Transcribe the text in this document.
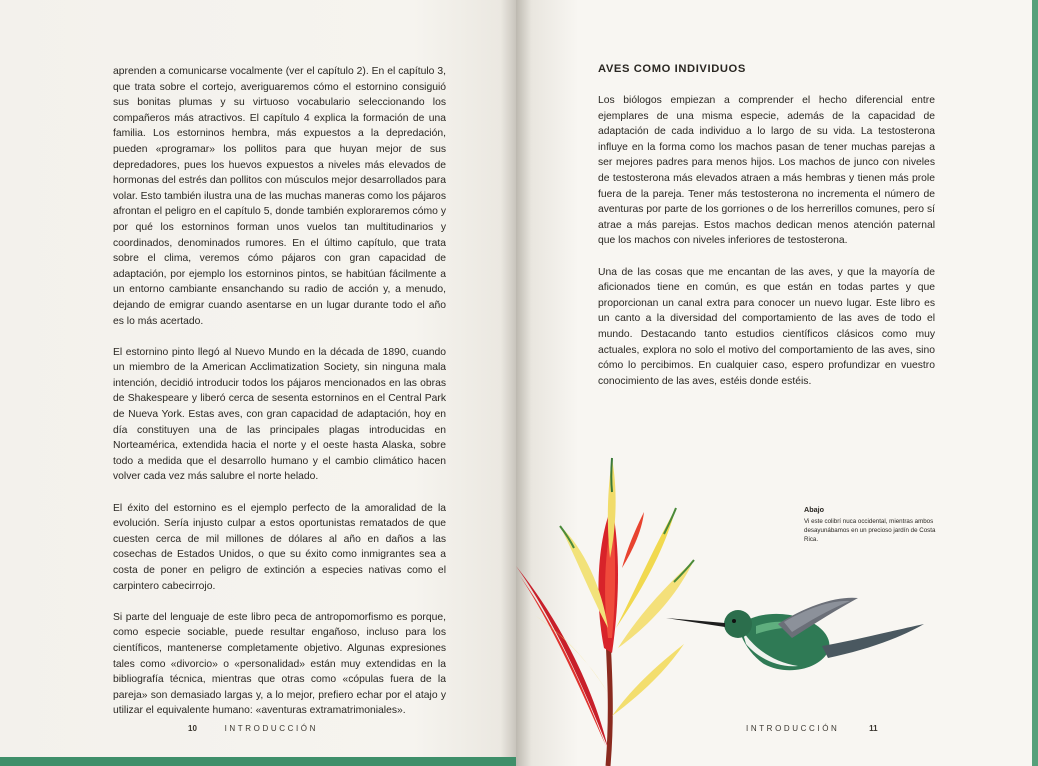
aprenden a comunicarse vocalmente (ver el capítulo 2). En el capítulo 3, que trata sobre el cortejo, averiguaremos cómo el estornino consiguió sus bonitas plumas y su virtuoso vocabulario seleccionando los compañeros más atractivos. El capítulo 4 explica la formación de una familia. Los estorninos hembra, más expuestos a la depredación, pueden «programar» los pollitos para que huyan mejor de sus depredadores, pues los huevos expuestos a niveles más elevados de hormonas del estrés dan pollitos con músculos mejor desarrollados para volar. Esto también ilustra una de las muchas maneras como los pájaros afrontan el peligro en el capítulo 5, donde también exploraremos cómo y por qué los estorninos forman unos vuelos tan multitudinarios y coordinados, denominados rumores. En el último capítulo, que trata sobre el clima, veremos cómo pájaros con gran capacidad de adaptación, por ejemplo los estorninos pintos, se habitúan fácilmente a un entorno cambiante ensanchando su radio de acción y, a menudo, dejando de emigrar cuando asentarse en un lugar durante todo el año es lo más acertado.

El estornino pinto llegó al Nuevo Mundo en la década de 1890, cuando un miembro de la American Acclimatization Society, sin ninguna mala intención, decidió introducir todos los pájaros mencionados en las obras de Shakespeare y liberó cerca de sesenta estorninos en el Central Park de Nueva York. Estas aves, con gran capacidad de adaptación, hoy en día constituyen una de las principales plagas introducidas en Norteamérica, extendida hacia el norte y el oeste hasta Alaska, sobre todo a medida que el desarrollo humano y el cambio climático hacen volver cada vez más salubre el norte helado.

El éxito del estornino es el ejemplo perfecto de la amoralidad de la evolución. Sería injusto culpar a estos oportunistas rematados de que cuesten cerca de mil millones de dólares al año en daños a las cosechas de Estados Unidos, o que su éxito como inmigrantes sea a costa de poner en peligro de extinción a especies nativas como el carpintero cabecirrojo.

Si parte del lenguaje de este libro peca de antropomorfismo es porque, como especie sociable, puede resultar engañoso, incluso para los científicos, mantenerse completamente objetivo. Algunas expresiones tales como «divorcio» o «personalidad» están muy extendidas en la bibliografía técnica, mientras que otras como «cópulas fuera de la pareja» son demasiado largas y, a lo mejor, prefiero echar por el atajo y utilizar el equivalente humano: «aventuras extramatrimoniales».

10	INTRODUCCIÓN
AVES COMO INDIVIDUOS

Los biólogos empiezan a comprender el hecho diferencial entre ejemplares de una misma especie, además de la capacidad de adaptación de cada individuo a lo largo de su vida. La testosterona influye en la forma como los machos pasan de tener muchas parejas a ser mejores padres para menos hijos. Los machos de junco con niveles de testosterona más elevados atraen a más hembras y tienen más prole fuera de la pareja. Tener más testosterona no incrementa el número de aventuras por parte de los gorriones o de los herrerillos comunes, pero sí atrae a más parejas. Estos machos dedican menos atención paternal que los machos con niveles inferiores de testosterona.

Una de las cosas que me encantan de las aves, y que la mayoría de aficionados tiene en común, es que están en todas partes y que proporcionan un canal extra para conocer un nuevo lugar. Este libro es un canto a la diversidad del comportamiento de las aves de todo el mundo. Destacando tanto estudios científicos clásicos como muy actuales, explora no solo el motivo del comportamiento de las aves, sino cómo lo percibimos. En cualquier caso, espero profundizar en vuestro conocimiento de las aves, estéis donde estéis.

Abajo
Vi este colibrí nuca occidental, mientras ambos desayunábamos en un precioso jardín de Costa Rica.
INTRODUCCIÓN	11
